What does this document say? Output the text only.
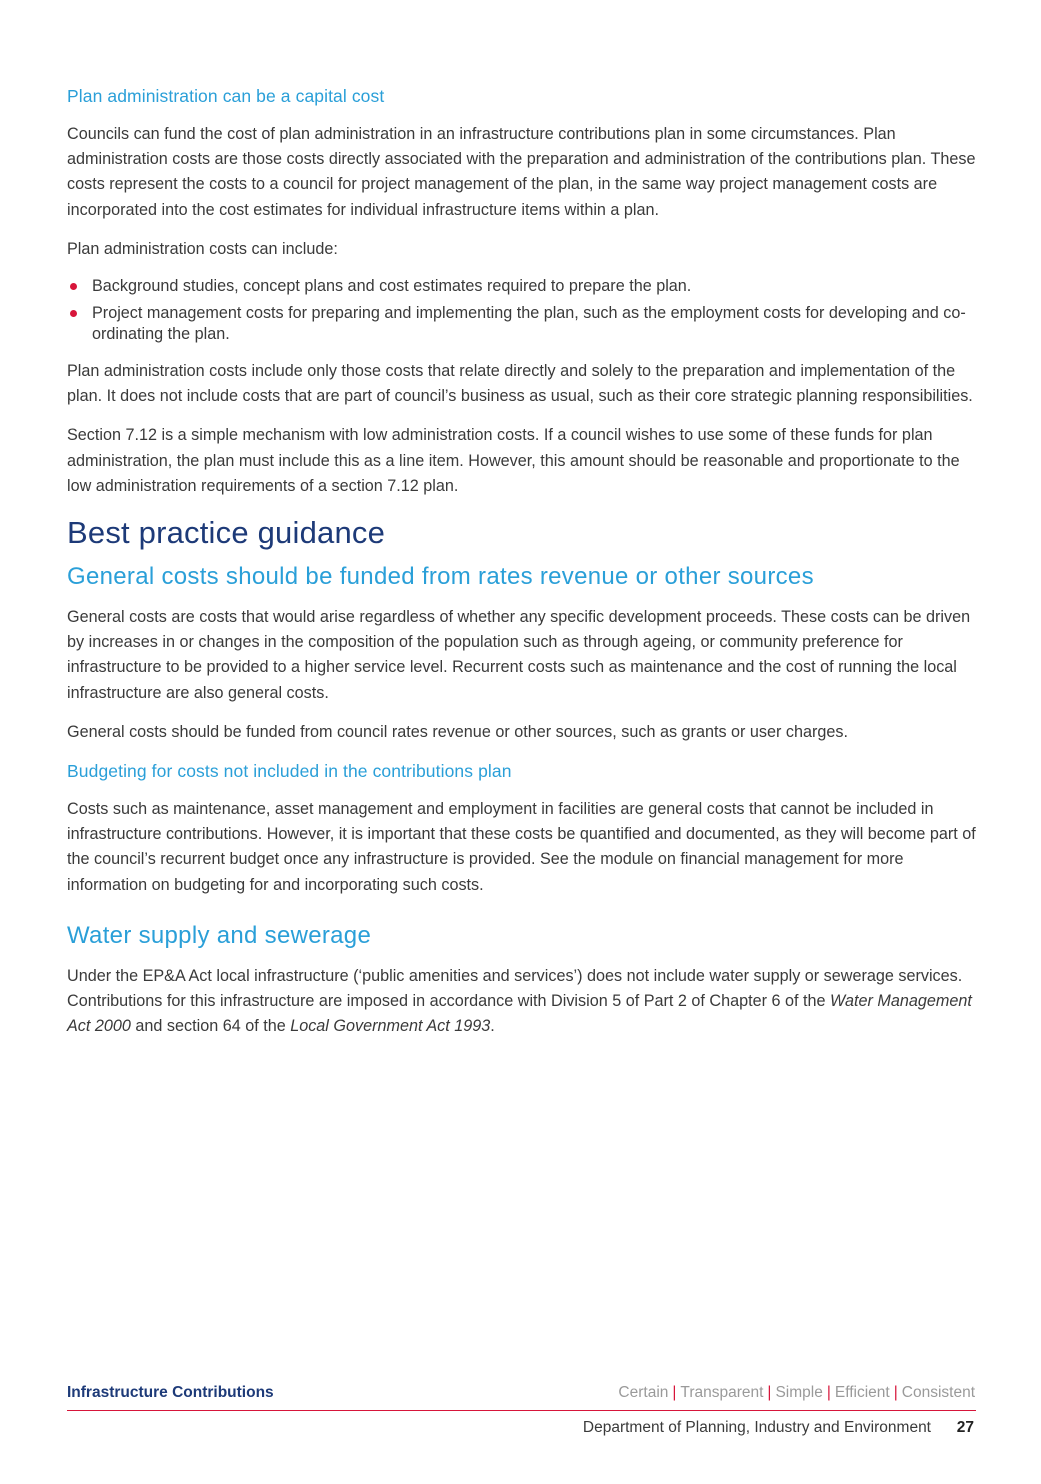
Plan administration can be a capital cost

Councils can fund the cost of plan administration in an infrastructure contributions plan in some circumstances. Plan administration costs are those costs directly associated with the preparation and administration of the contributions plan. These costs represent the costs to a council for project management of the plan, in the same way project management costs are incorporated into the cost estimates for individual infrastructure items within a plan.

Plan administration costs can include:

Background studies, concept plans and cost estimates required to prepare the plan.
Project management costs for preparing and implementing the plan, such as the employment costs for developing and co-ordinating the plan.

Plan administration costs include only those costs that relate directly and solely to the preparation and implementation of the plan. It does not include costs that are part of council’s business as usual, such as their core strategic planning responsibilities.

Section 7.12 is a simple mechanism with low administration costs. If a council wishes to use some of these funds for plan administration, the plan must include this as a line item. However, this amount should be reasonable and proportionate to the low administration requirements of a section 7.12 plan.

Best practice guidance
General costs should be funded from rates revenue or other sources

General costs are costs that would arise regardless of whether any specific development proceeds. These costs can be driven by increases in or changes in the composition of the population such as through ageing, or community preference for infrastructure to be provided to a higher service level. Recurrent costs such as maintenance and the cost of running the local infrastructure are also general costs.

General costs should be funded from council rates revenue or other sources, such as grants or user charges.

Budgeting for costs not included in the contributions plan

Costs such as maintenance, asset management and employment in facilities are general costs that cannot be included in infrastructure contributions. However, it is important that these costs be quantified and documented, as they will become part of the council’s recurrent budget once any infrastructure is provided. See the module on financial management for more information on budgeting for and incorporating such costs.

Water supply and sewerage

Under the EP&A Act local infrastructure (‘public amenities and services’) does not include water supply or sewerage services. Contributions for this infrastructure are imposed in accordance with Division 5 of Part 2 of Chapter 6 of the Water Management Act 2000 and section 64 of the Local Government Act 1993.

Infrastructure Contributions	Certain | Transparent | Simple | Efficient | Consistent
Department of Planning, Industry and Environment 27
